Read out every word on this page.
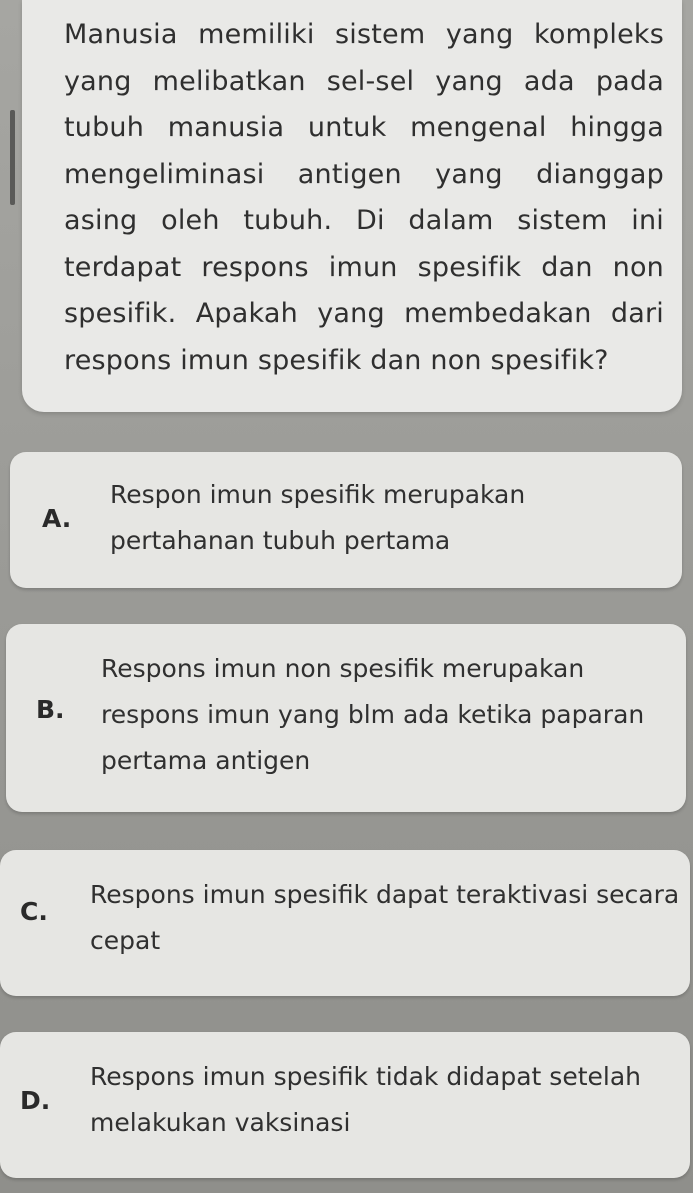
Manusia memiliki sistem yang kompleks yang melibatkan sel-sel yang ada pada tubuh manusia untuk mengenal hingga mengeliminasi antigen yang dianggap asing oleh tubuh. Di dalam sistem ini terdapat respons imun spesifik dan non spesifik. Apakah yang membedakan dari respons imun spesifik dan non spesifik?
A.
Respon imun spesifik merupakan pertahanan tubuh pertama
B.
Respons imun non spesifik merupakan respons imun yang blm ada ketika paparan pertama antigen
C.
Respons imun spesifik dapat teraktivasi secara cepat
D.
Respons imun spesifik tidak didapat setelah melakukan vaksinasi
